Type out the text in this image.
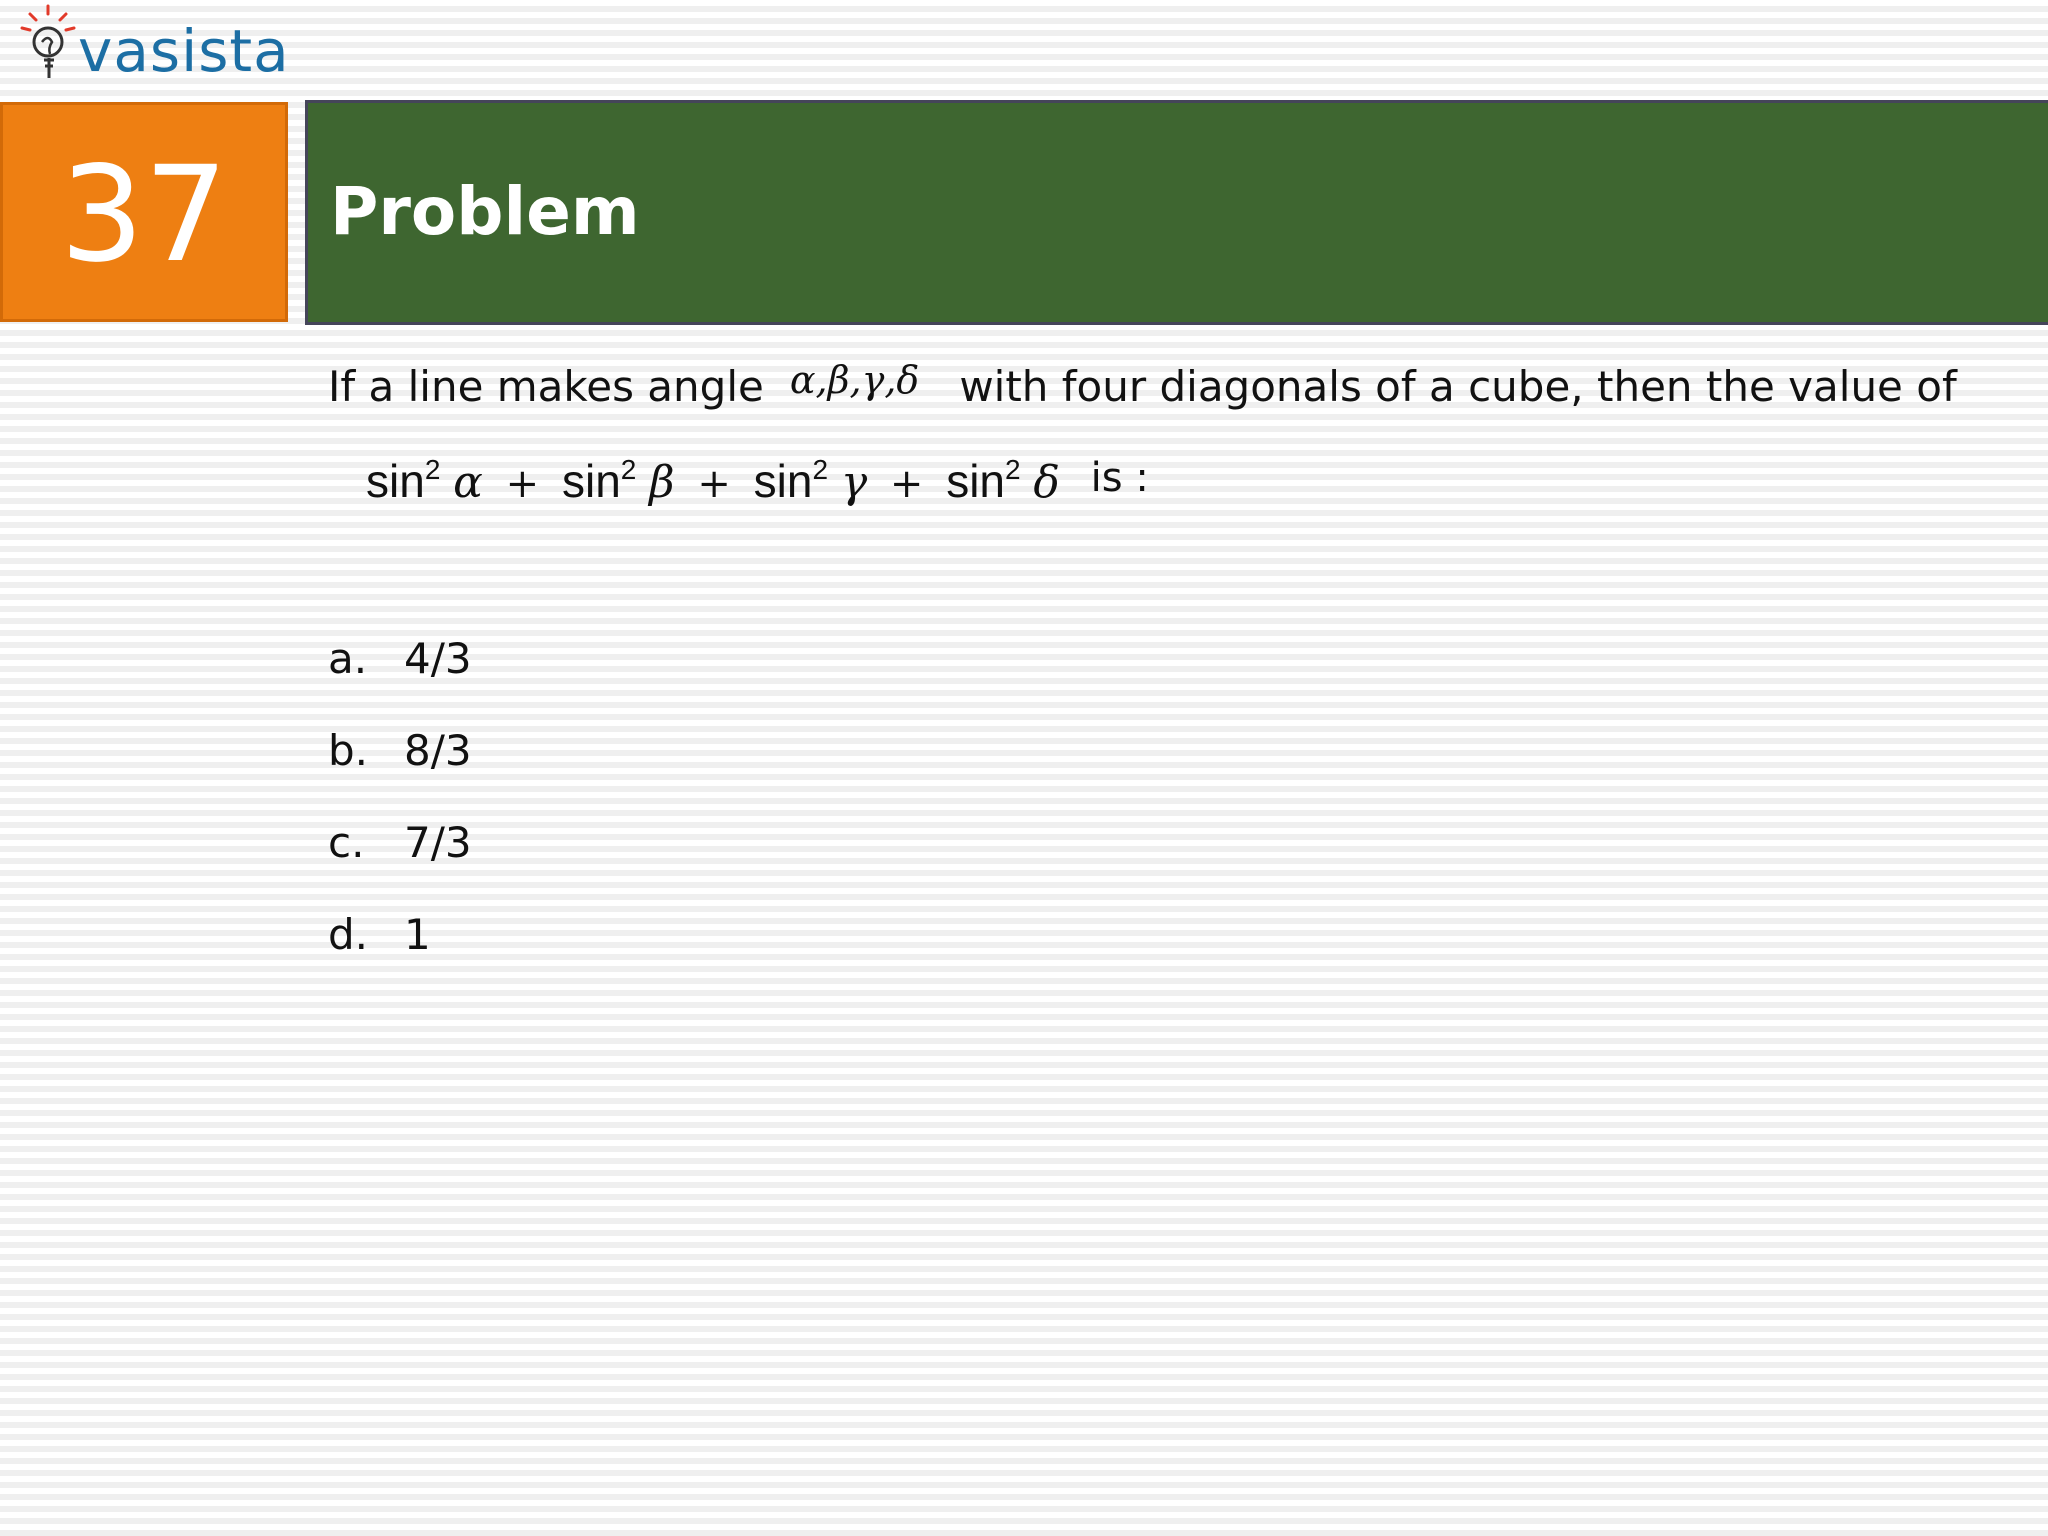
vasista
37 Problem
If a line makes angle α,β,γ,δ with four diagonals of a cube, then the value of
$\sin^2 \alpha + \sin^2 \beta + \sin^2 \gamma + \sin^2 \delta$ is :
a. 4/3
b. 8/3
c. 7/3
d. 1
